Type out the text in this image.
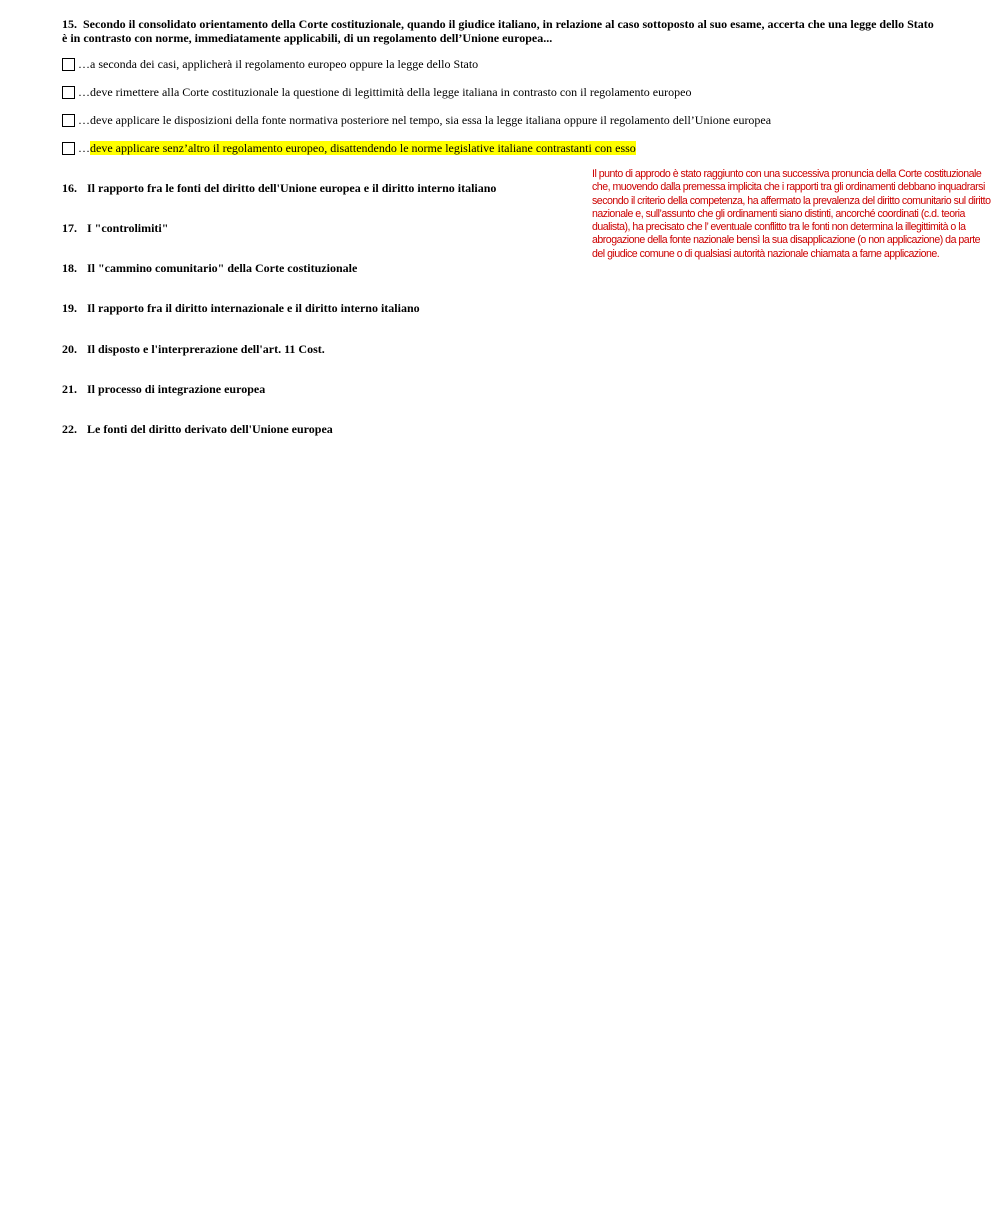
15. Secondo il consolidato orientamento della Corte costituzionale, quando il giudice italiano, in relazione al caso sottoposto al suo esame, accerta che una legge dello Stato è in contrasto con norme, immediatamente applicabili, di un regolamento dell’Unione europea...
… a seconda dei casi, applicherà il regolamento europeo oppure la legge dello Stato
… deve rimettere alla Corte costituzionale la questione di legittimità della legge italiana in contrasto con il regolamento europeo
… deve applicare le disposizioni della fonte normativa posteriore nel tempo, sia essa la legge italiana oppure il regolamento dell’Unione europea
… deve applicare senz’altro il regolamento europeo, disattendendo le norme legislative italiane contrastanti con esso
Il punto di approdo è stato raggiunto con una successiva pronuncia della Corte costituzionale che, muovendo dalla premessa implicita che i rapporti tra gli ordinamenti debbano inquadrarsi secondo il criterio della competenza, ha affermato la prevalenza del diritto comunitario sul diritto nazionale e, sull’assunto che gli ordinamenti siano distinti, ancorché coordinati (c.d. teoria dualista), ha precisato che l’ eventuale conflitto tra le fonti non determina la illegittimità o la abrogazione della fonte nazionale bensì la sua disapplicazione (o non applicazione) da parte del giudice comune o di qualsiasi autorità nazionale chiamata a farne applicazione.
16. Il rapporto fra le fonti del diritto dell'Unione europea e il diritto interno italiano
17. I "controlimiti"
18. Il "cammino comunitario" della Corte costituzionale
19. Il rapporto fra il diritto internazionale e il diritto interno italiano
20. Il disposto e l'interprerazione dell'art. 11 Cost.
21. Il processo di integrazione europea
22. Le fonti del diritto derivato dell'Unione europea
